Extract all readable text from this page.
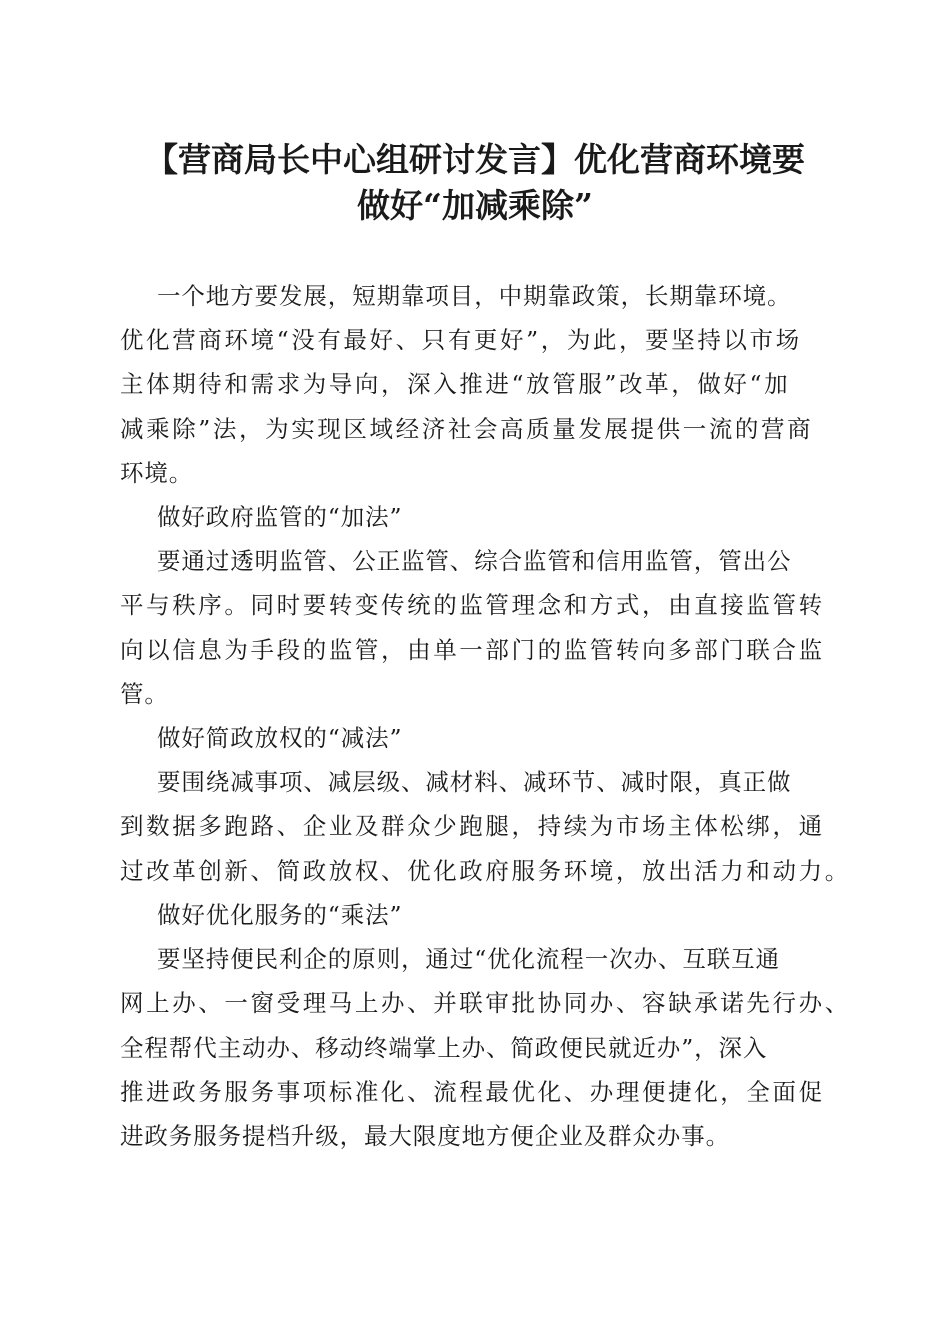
【营商局长中心组研讨发言】优化营商环境要
做好“加减乘除”

一个地方要发展，短期靠项目，中期靠政策，长期靠环境。

优化营商环境“没有最好、只有更好”，为此，要坚持以市场

主体期待和需求为导向，深入推进“放管服”改革，做好“加

减乘除”法，为实现区域经济社会高质量发展提供一流的营商

环境。

做好政府监管的“加法”

要通过透明监管、公正监管、综合监管和信用监管，管出公

平与秩序。同时要转变传统的监管理念和方式，由直接监管转

向以信息为手段的监管，由单一部门的监管转向多部门联合监

管。

做好简政放权的“减法”

要围绕减事项、减层级、减材料、减环节、减时限，真正做

到数据多跑路、企业及群众少跑腿，持续为市场主体松绑，通

过改革创新、简政放权、优化政府服务环境，放出活力和动力。

做好优化服务的“乘法”

要坚持便民利企的原则，通过“优化流程一次办、互联互通

网上办、一窗受理马上办、并联审批协同办、容缺承诺先行办、

全程帮代主动办、移动终端掌上办、简政便民就近办”，深入

推进政务服务事项标准化、流程最优化、办理便捷化，全面促

进政务服务提档升级，最大限度地方便企业及群众办事。
